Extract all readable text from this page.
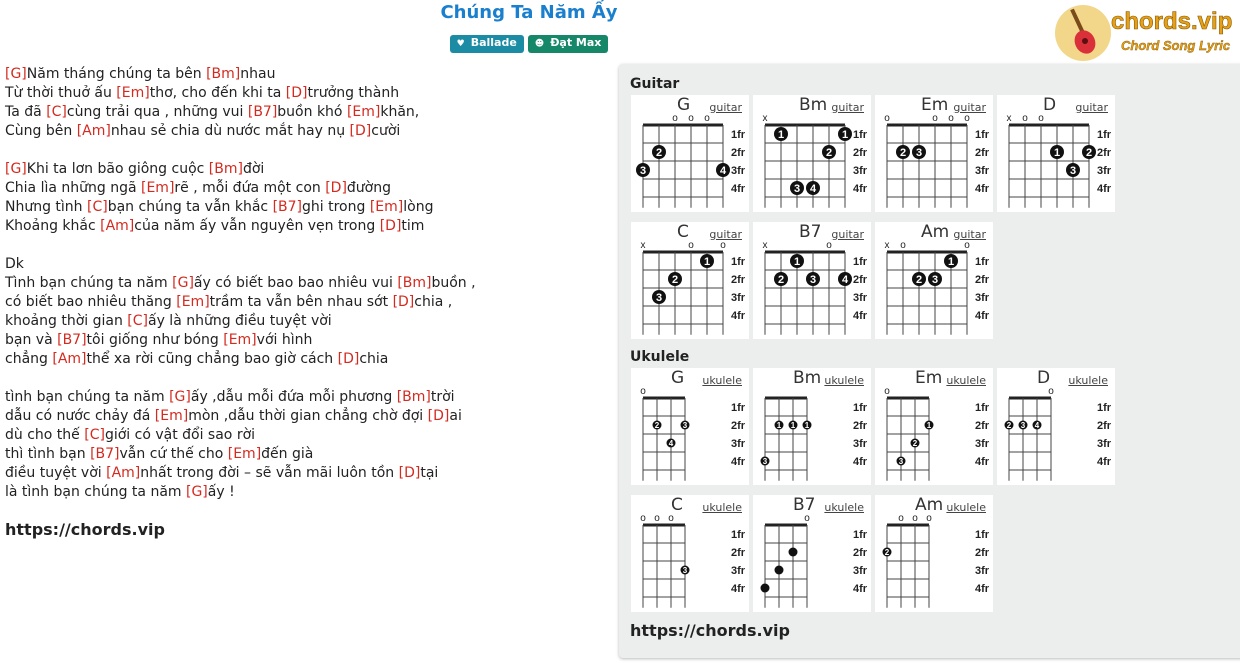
Chúng Ta Năm Ấy
♥ Ballade ☻ Đạt Max
chords.vip
Chord Song Lyric
[G]Năm tháng chúng ta bên [Bm]nhau
Từ thời thuở ấu [Em]thơ, cho đến khi ta [D]trưởng thành
Ta đã [C]cùng trải qua , những vui [B7]buồn khó [Em]khăn,
Cùng bên [Am]nhau sẻ chia dù nước mắt hay nụ [D]cười
[G]Khi ta lơn bão giông cuộc [Bm]đời
Chia lìa những ngã [Em]rẽ , mỗi đứa một con [D]đường
Nhưng tình [C]bạn chúng ta vẫn khắc [B7]ghi trong [Em]lòng
Khoảng khắc [Am]của năm ấy vẫn nguyên vẹn trong [D]tim
Dk
Tình bạn chúng ta năm [G]ấy có biết bao bao nhiêu vui [Bm]buồn ,
có biết bao nhiêu thăng [Em]trầm ta vẫn bên nhau sớt [D]chia ,
khoảng thời gian [C]ấy là những điều tuyệt vời
bạn và [B7]tôi giống như bóng [Em]với hình
chẳng [Am]thể xa rời cũng chẳng bao giờ cách [D]chia
tình bạn chúng ta năm [G]ấy ,dẫu mỗi đứa mỗi phương [Bm]trời
dẫu có nước chảy đá [Em]mòn ,dẫu thời gian chẳng chờ đợi [D]ai
dù cho thế [C]giới có vật đổi sao rời
thì tình bạn [B7]vẫn cứ thế cho [Em]đến già
điều tuyệt vời [Am]nhất trong đời – sẽ vẫn mãi luôn tồn [D]tại
là tình bạn chúng ta năm [G]ấy !
https://chords.vip
Guitar
Ukulele
G guitar
1fr
2fr
3fr
4fr
o o o
2
3	4
Bm guitar
1fr
2fr
3fr
4fr
x
1	1
2
3 4
Em guitar
1fr
2fr
3fr
4fr
o	o o o
2 3
D guitar
1fr
2fr
3fr
4fr
x o o
1 2
3
C guitar
1fr
2fr
3fr
4fr
x	o	o
1
2
3
B7 guitar
1fr
2fr
3fr
4fr
x	o
1
2 3 4
Am guitar
1fr
2fr
3fr
4fr
x o	o
1
2 3
G ukulele
1fr
2fr
3fr
4fr
o
2	3
4
Bm ukulele
1fr
2fr
3fr
4fr
1 1 1
3
Em ukulele
1fr
2fr
3fr
4fr
o
1
2
3
D ukulele
1fr
2fr
3fr
4fr
o
2 3 4
C ukulele
1fr
2fr
3fr
4fr
o o o
3
B7 ukulele
1fr
2fr
3fr
4fr
o
Am ukulele
1fr
2fr
3fr
4fr
o o o
2
https://chords.vip
